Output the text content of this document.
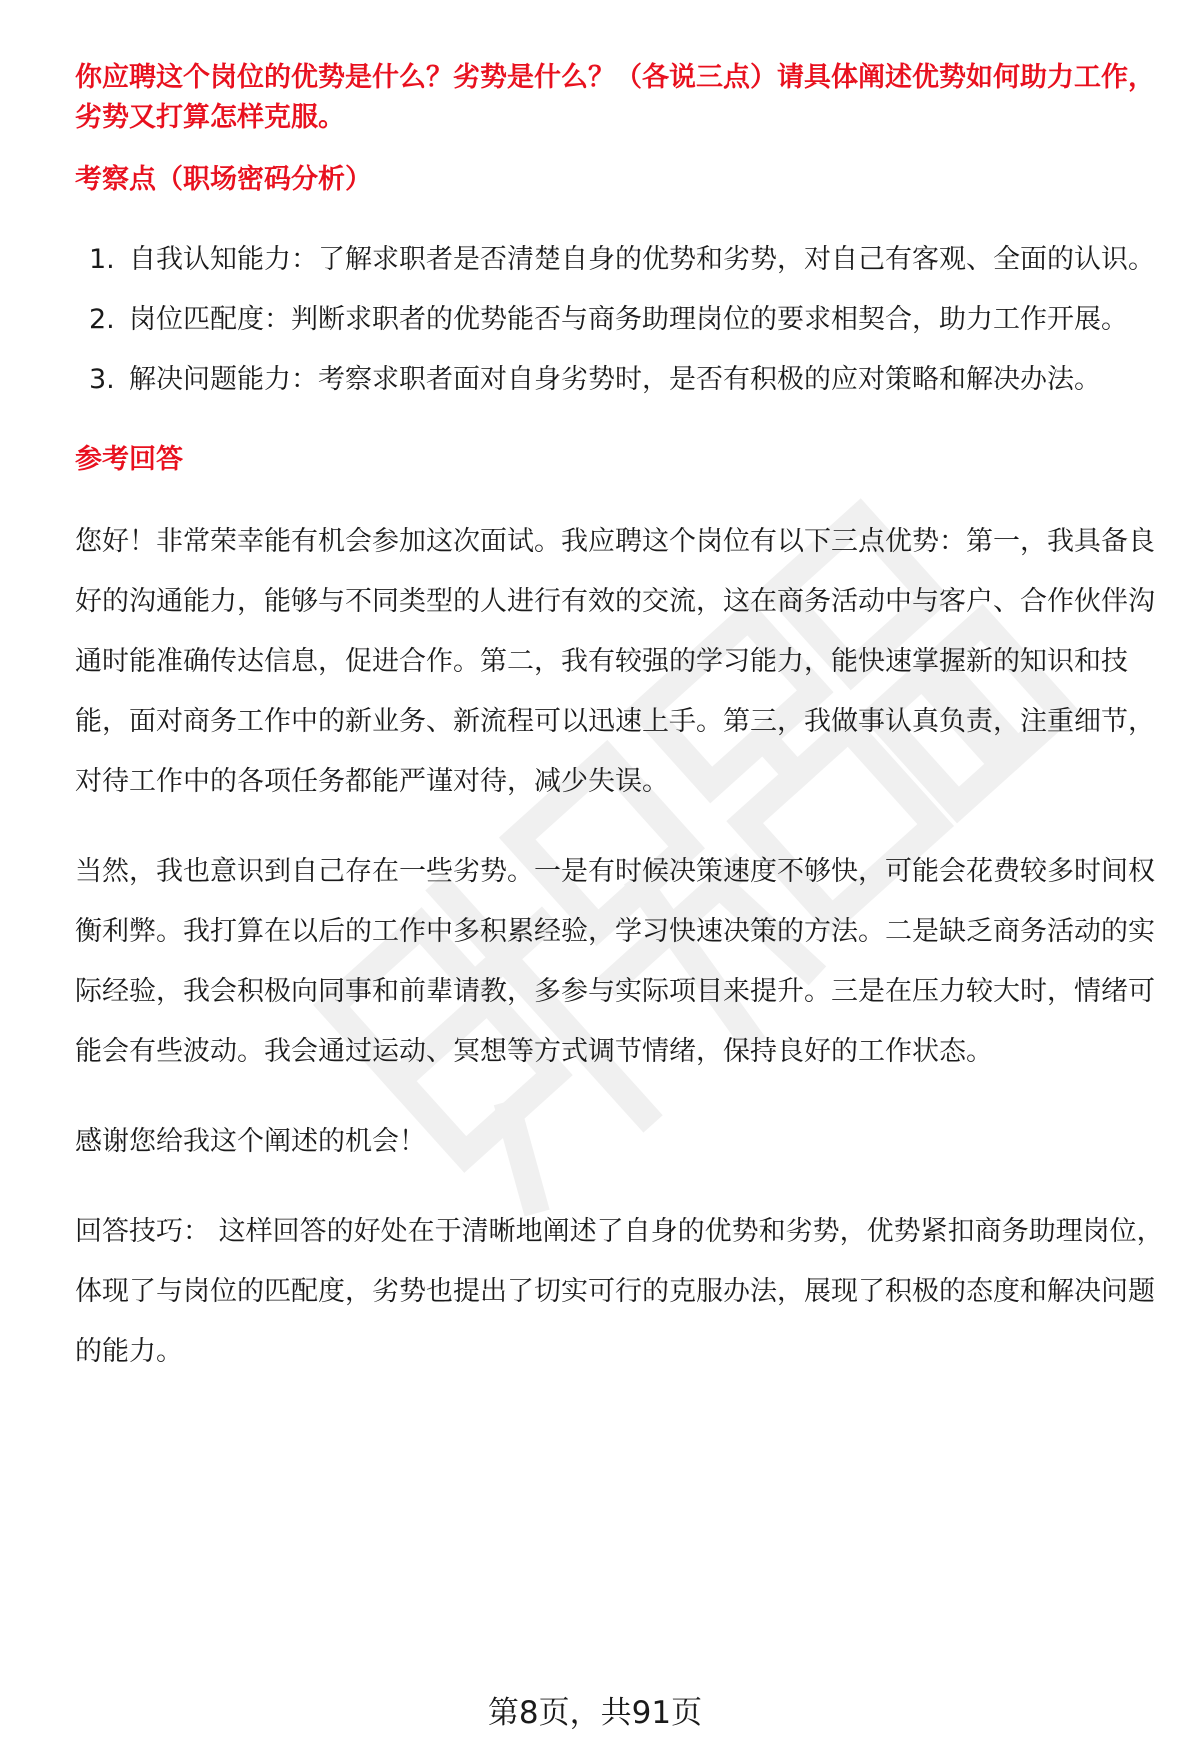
你应聘这个岗位的优势是什么？劣势是什么？（各说三点）请具体阐述优势如何助力工作，劣势又打算怎样克服。

考察点（职场密码分析）

1. 自我认知能力：了解求职者是否清楚自身的优势和劣势，对自己有客观、全面的认识。
2. 岗位匹配度：判断求职者的优势能否与商务助理岗位的要求相契合，助力工作开展。
3. 解决问题能力：考察求职者面对自身劣势时，是否有积极的应对策略和解决办法。

参考回答

您好！非常荣幸能有机会参加这次面试。我应聘这个岗位有以下三点优势：第一，我具备良好的沟通能力，能够与不同类型的人进行有效的交流，这在商务活动中与客户、合作伙伴沟通时能准确传达信息，促进合作。第二，我有较强的学习能力，能快速掌握新的知识和技能，面对商务工作中的新业务、新流程可以迅速上手。第三，我做事认真负责，注重细节，对待工作中的各项任务都能严谨对待，减少失误。

当然，我也意识到自己存在一些劣势。一是有时候决策速度不够快，可能会花费较多时间权衡利弊。我打算在以后的工作中多积累经验，学习快速决策的方法。二是缺乏商务活动的实际经验，我会积极向同事和前辈请教，多参与实际项目来提升。三是在压力较大时，情绪可能会有些波动。我会通过运动、冥想等方式调节情绪，保持良好的工作状态。

感谢您给我这个阐述的机会！

回答技巧： 这样回答的好处在于清晰地阐述了自身的优势和劣势，优势紧扣商务助理岗位，体现了与岗位的匹配度，劣势也提出了切实可行的克服办法，展现了积极的态度和解决问题的能力。

第8页，共91页
